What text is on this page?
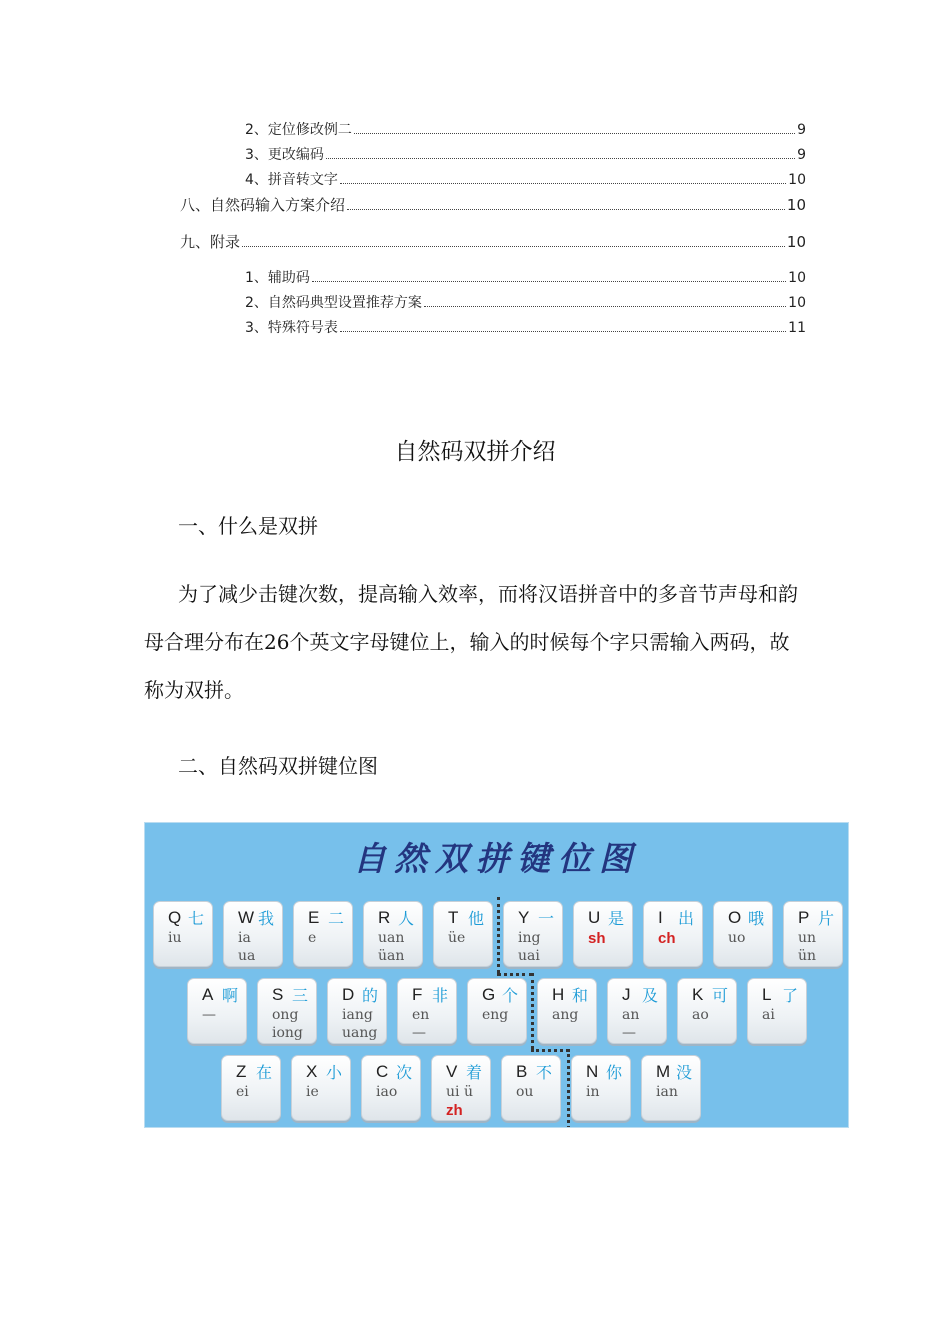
2、定位修改例二	9
3、更改编码	9
4、拼音转文字	10
八、自然码输入方案介绍	10
九、附录	10
1、辅助码	10
2、自然码典型设置推荐方案	10
3、特殊符号表	11
自然码双拼介绍
一、什么是双拼
为了减少击键次数，提高输入效率，而将汉语拼音中的多音节声母和韵母合理分布在26个英文字母键位上，输入的时候每个字只需输入两码，故称为双拼。
二、自然码双拼键位图
自然双拼键位图
Q 七
iu
W 我
ia
ua
E 二
e
R 人
uan
üan
T 他
üe
Y 一
ing
uai
U 是
sh
I 出
ch
O 哦
uo
P 片
un
ün
A 啊
—
S 三
ong
iong
D 的
iang
uang
F 非
en
—
G 个
eng
H 和
ang
J 及
an
—
K 可
ao
L 了
ai
Z 在
ei
X 小
ie
C 次
iao
V 着
ui ü
zh
B 不
ou
N 你
in
M 没
ian
